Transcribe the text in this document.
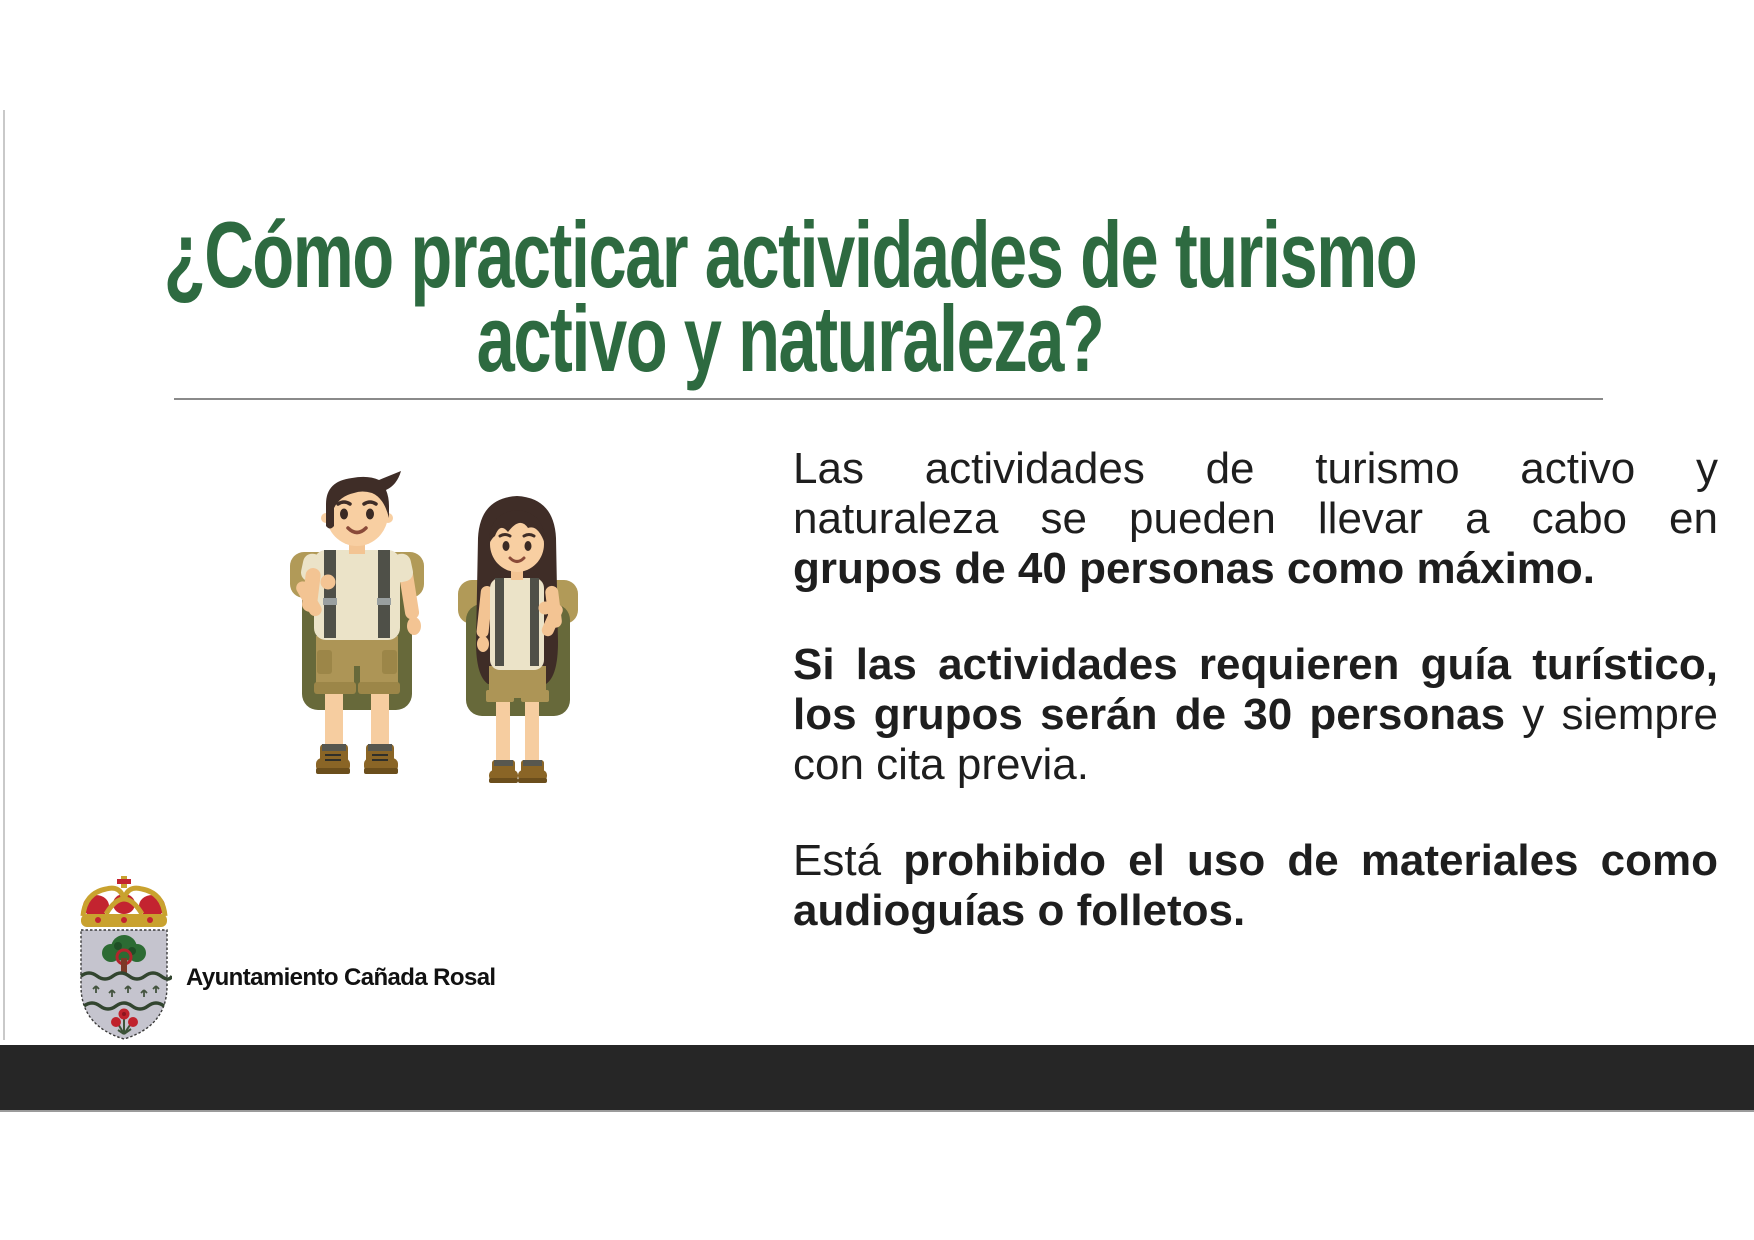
¿Cómo practicar actividades de turismo
activo y naturaleza?

Las actividades de turismo activo y
naturaleza se pueden llevar a cabo en
grupos de 40 personas como máximo.

Si las actividades requieren guía turístico,
los grupos serán de 30 personas y siempre
con cita previa.

Está prohibido el uso de materiales como
audioguías o folletos.

Ayuntamiento Cañada Rosal
